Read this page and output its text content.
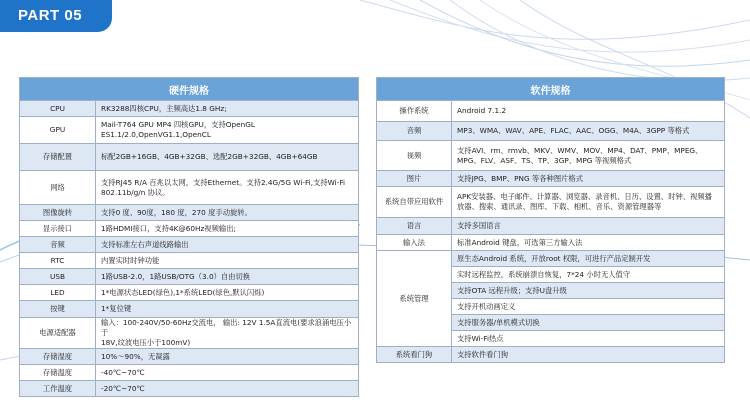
PART 05
硬件规格	
CPU	RK3288四核CPU，主频高达1.8 GHz;
GPU	Mail-T764 GPU MP4 四核GPU，支持OpenGL ES1.1/2.0,OpenVG1.1,OpenCL
存储配置	标配2GB+16GB、4GB+32GB、选配2GB+32GB、4GB+64GB
网络	支持RJ45 R/A 百兆以太网，支持Ethernet。支持2.4G/5G Wi-Fi,支持Wi-Fi 802.11b/g/n 协议。
图像旋转	支持0 度、90度，180 度，270 度手动旋转。
显示接口	1路HDMI接口，支持4K@60Hz视频输出;
音频	支持标准左右声道线路输出
RTC	内置实时时钟功能
USB	1路USB-2.0，1路USB/OTG（3.0）自由切换
LED	1*电源状态LED(绿色),1*系统LED(绿色,默认闪烁)
按键	1*复位键
电源适配器	输入：100-240V/50-60Hz交流电， 输出: 12V 1.5A直流电(要求浪涌电压小于
18V,纹波电压小于100mV)
存储湿度	10%～90%，无凝露
存储温度	-40℃~70℃
工作温度	-20℃~70℃
软件规格	
操作系统	Android 7.1.2
音频	MP3、WMA、WAV、APE、FLAC、AAC、OGG、M4A、3GPP 等格式
视频	支持AVI、rm、rmvb、MKV、WMV、MOV、MP4、DAT、PMP、MPEG、MPG、FLV、ASF、TS、TP、3GP、MPG 等视频格式
图片	支持JPG、BMP、PNG 等各种图片格式
系统自带应用软件	APK安装器、电子邮件、计算器、浏览器、录音机、日历、设置、时钟、视频播放器、搜索、通讯录、图库、下载、相机、音乐、资源管理器等
语言	支持多国语言
输入法	标准Android 键盘，可选第三方输入法
系统管理	原生态Android 系统，开放root 权限，可进行产品定制开发
	实时远程监控，系统崩溃自恢复，7*24 小时无人值守
	支持OTA 远程升级；支持U盘升级
	支持开机动画定义
	支持服务器/单机模式切换
	支持Wi-Fi热点
系统看门狗	支持软件看门狗
